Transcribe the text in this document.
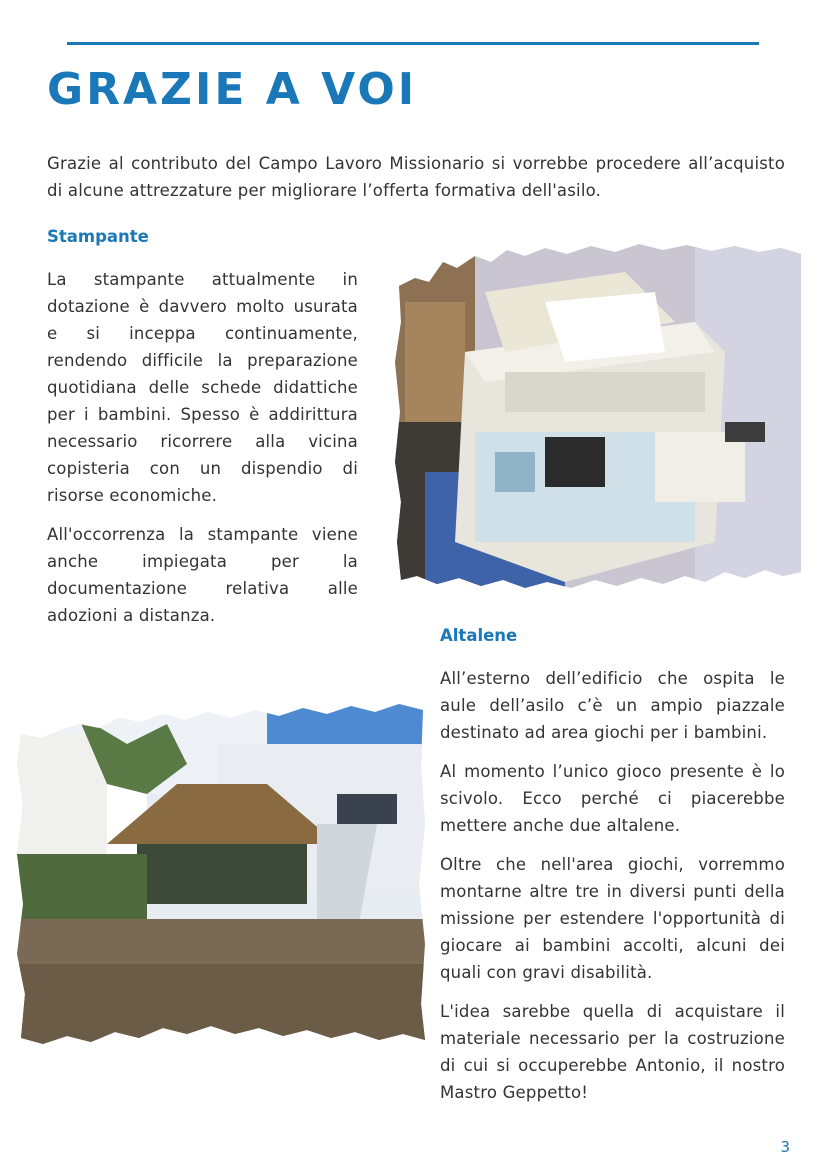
GRAZIE A VOI

Grazie al contributo del Campo Lavoro Missionario si vorrebbe procedere all’acquisto di alcune attrezzature per migliorare l’offerta formativa dell'asilo.

Stampante

La stampante attualmente in dotazione è davvero molto usurata e si inceppa continuamente, rendendo difficile la preparazione quotidiana delle schede didattiche per i bambini. Spesso è addirittura necessario ricorrere alla vicina copisteria con un dispendio di risorse economiche.

All'occorrenza la stampante viene anche impiegata per la documentazione relativa alle adozioni a distanza.

Altalene

All’esterno dell’edificio che ospita le aule dell’asilo c’è un ampio piazzale destinato ad area giochi per i bambini.

Al momento l’unico gioco presente è lo scivolo. Ecco perché ci piacerebbe mettere anche due altalene.

Oltre che nell'area giochi, vorremmo montarne altre tre in diversi punti della missione per estendere l'opportunità di giocare ai bambini accolti, alcuni dei quali con gravi disabilità.

L'idea sarebbe quella di acquistare il materiale necessario per la costruzione di cui si occuperebbe Antonio, il nostro Mastro Geppetto!

3
